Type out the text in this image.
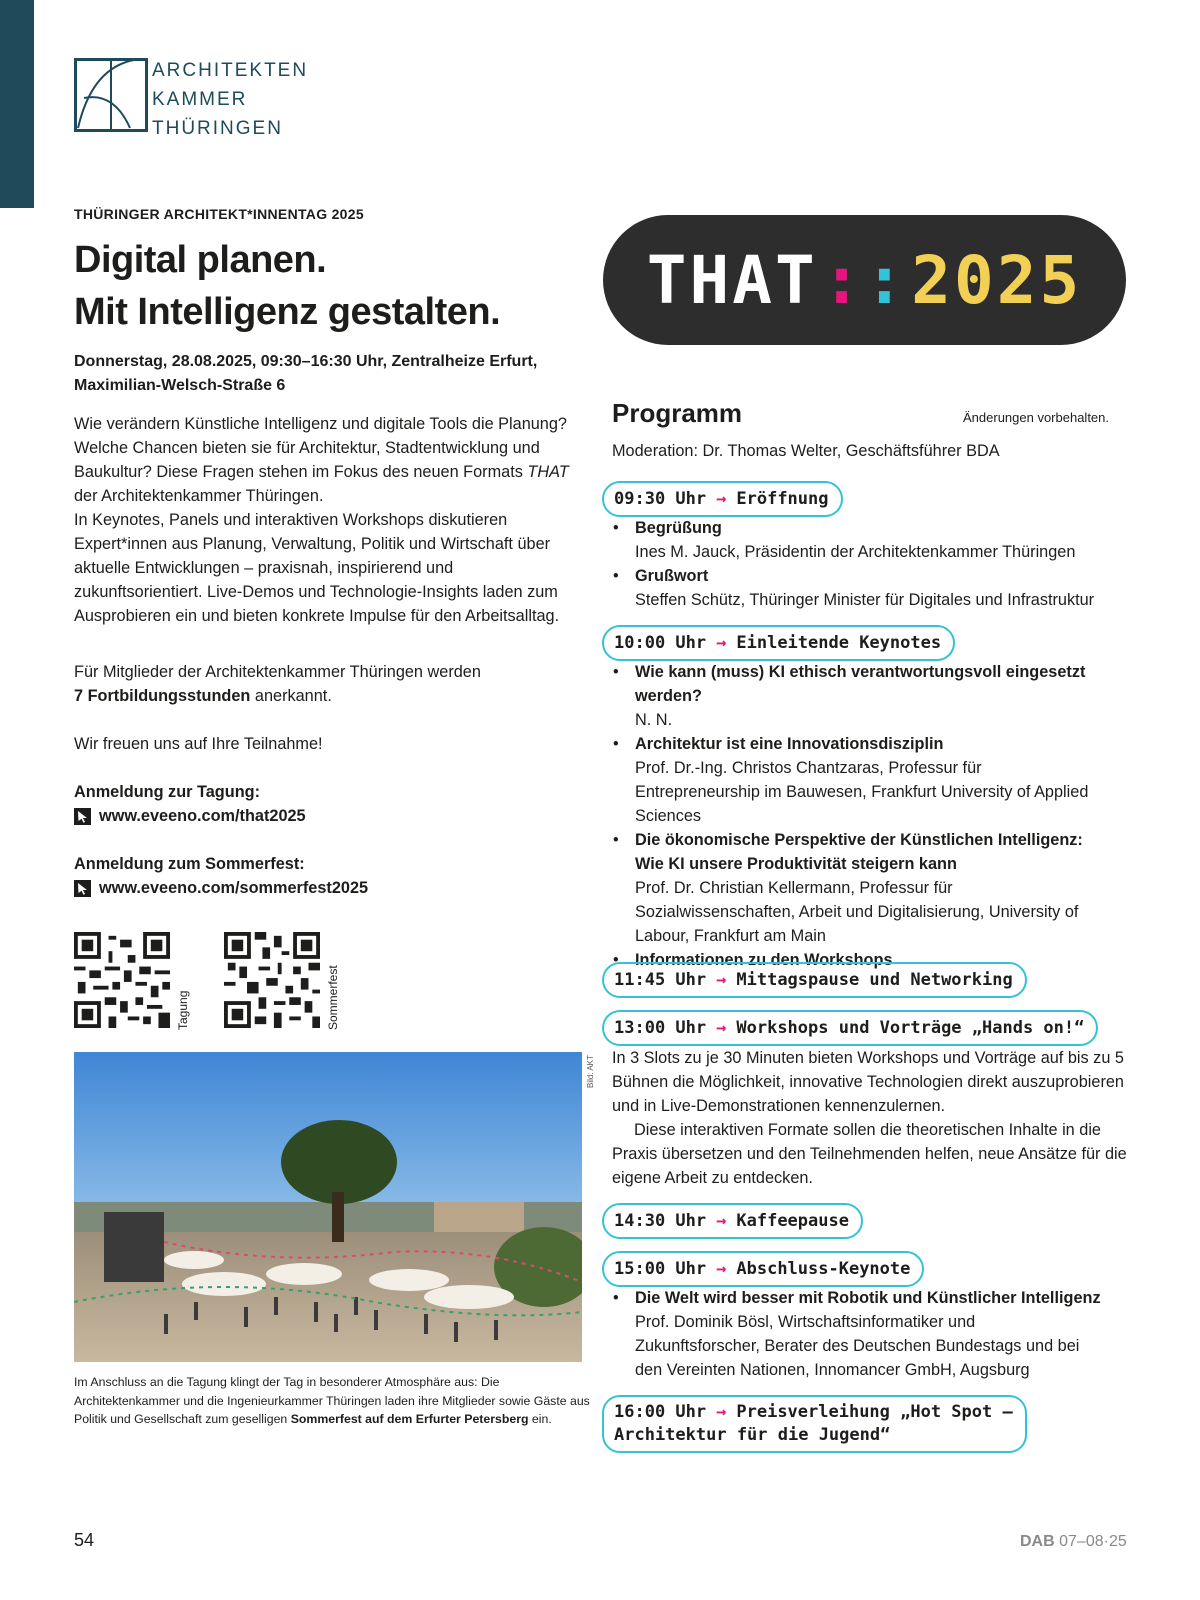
ARCHITEKTEN
KAMMER
THÜRINGEN
THÜRINGER ARCHITEKT*INNENTAG 2025
Digital planen.
Mit Intelligenz gestalten.
Donnerstag, 28.08.2025, 09:30–16:30 Uhr, Zentralheize Erfurt,
Maximilian-Welsch-Straße 6

Wie verändern Künstliche Intelligenz und digitale Tools die Planung? Welche Chancen bieten sie für Architektur, Stadtentwicklung und Baukultur? Diese Fragen stehen im Fokus des neuen Formats THAT der Architektenkammer Thüringen.

In Keynotes, Panels und interaktiven Workshops diskutieren Expert*innen aus Planung, Verwaltung, Politik und Wirtschaft über aktuelle Entwicklungen – praxisnah, inspirierend und zukunftsorientiert. Live-Demos und Technologie-Insights laden zum Ausprobieren ein und bieten konkrete Impulse für den Arbeitsalltag.

Für Mitglieder der Architektenkammer Thüringen werden
7 Fortbildungsstunden anerkannt.

Wir freuen uns auf Ihre Teilnahme!
Anmeldung zur Tagung:
www.eveeno.com/that2025
Anmeldung zum Sommerfest:
www.eveeno.com/sommerfest2025
Tagung	Sommerfest
Bild: AKT
Im Anschluss an die Tagung klingt der Tag in besonderer Atmosphäre aus: Die Architektenkammer und die Ingenieurkammer Thüringen laden ihre Mitglieder sowie Gäste aus Politik und Gesellschaft zum geselligen Sommerfest auf dem Erfurter Petersberg ein.
THAT :: 2025
Programm	Änderungen vorbehalten.
Moderation: Dr. Thomas Welter, Geschäftsführer BDA
09:30 Uhr → Eröffnung
• Begrüßung
Ines M. Jauck, Präsidentin der Architektenkammer Thüringen
• Grußwort
Steffen Schütz, Thüringer Minister für Digitales und Infrastruktur
10:00 Uhr → Einleitende Keynotes
• Wie kann (muss) KI ethisch verantwortungsvoll eingesetzt werden?
N. N.
• Architektur ist eine Innovationsdisziplin
Prof. Dr.-Ing. Christos Chantzaras, Professur für Entrepreneurship im Bauwesen, Frankfurt University of Applied Sciences
• Die ökonomische Perspektive der Künstlichen Intelligenz: Wie KI unsere Produktivität steigern kann
Prof. Dr. Christian Kellermann, Professur für Sozialwissenschaften, Arbeit und Digitalisierung, University of Labour, Frankfurt am Main
• Informationen zu den Workshops
11:45 Uhr → Mittagspause und Networking
13:00 Uhr → Workshops und Vorträge „Hands on!“

In 3 Slots zu je 30 Minuten bieten Workshops und Vorträge auf bis zu 5 Bühnen die Möglichkeit, innovative Technologien direkt auszuprobieren und in Live-Demonstrationen kennenzulernen.

Diese interaktiven Formate sollen die theoretischen Inhalte in die Praxis übersetzen und den Teilnehmenden helfen, neue Ansätze für die eigene Arbeit zu entdecken.

14:30 Uhr → Kaffeepause
15:00 Uhr → Abschluss-Keynote
• Die Welt wird besser mit Robotik und Künstlicher Intelligenz
Prof. Dominik Bösl, Wirtschaftsinformatiker und Zukunftsforscher, Berater des Deutschen Bundestags und bei den Vereinten Nationen, Innomancer GmbH, Augsburg
16:00 Uhr → Preisverleihung „Hot Spot –
Architektur für die Jugend“
54	DAB 07–08·25
